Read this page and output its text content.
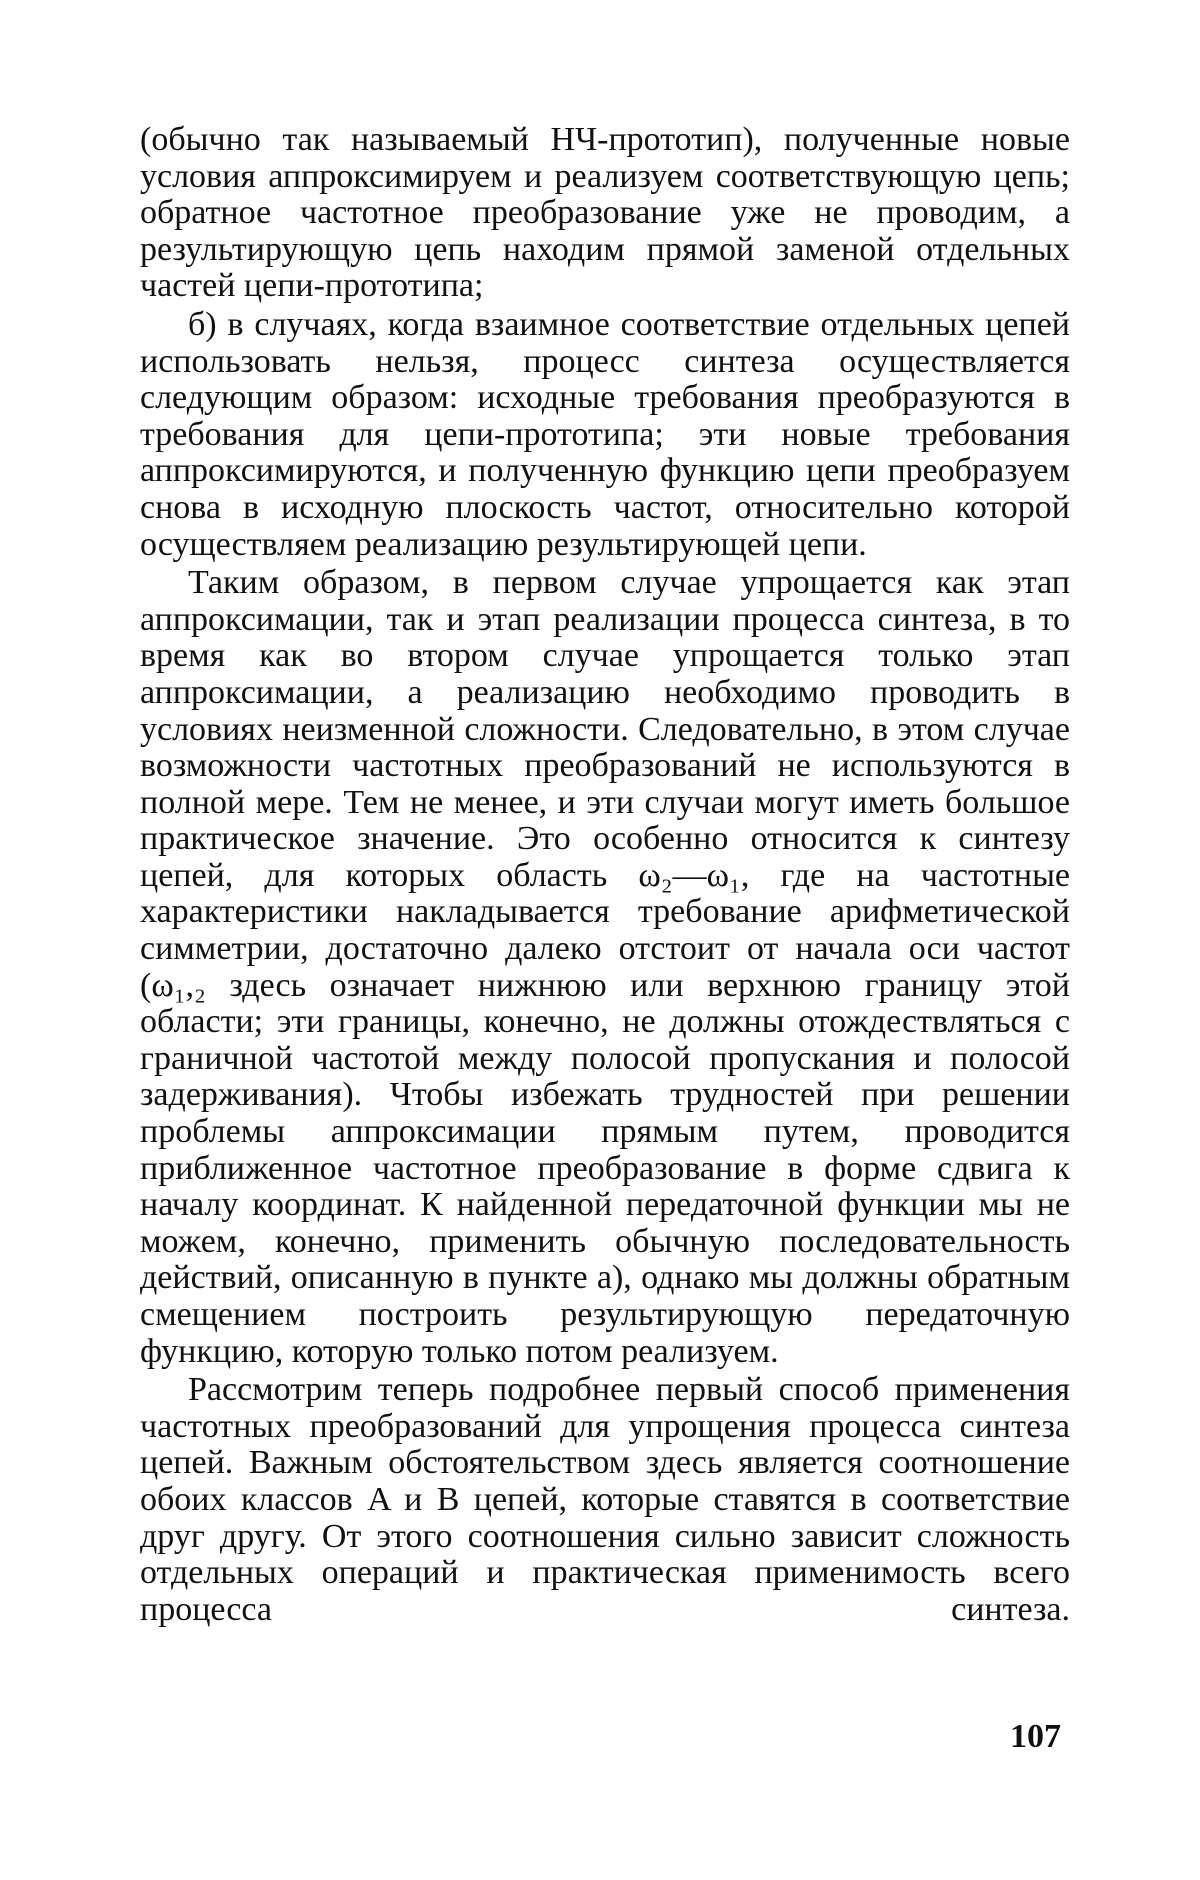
(обычно так называемый НЧ-прототип), полученные новые условия аппроксимируем и реализуем соответствующую цепь; обратное частотное преобразование уже не проводим, а результирующую цепь находим прямой заменой отдельных частей цепи-прототипа;

б) в случаях, когда взаимное соответствие отдельных цепей использовать нельзя, процесс синтеза осуществляется следующим образом: исходные требования преобразуются в требования для цепи-прототипа; эти новые требования аппроксимируются, и полученную функцию цепи преобразуем снова в исходную плоскость частот, относительно которой осуществляем реализацию результирующей цепи.

Таким образом, в первом случае упрощается как этап аппроксимации, так и этап реализации процесса синтеза, в то время как во втором случае упрощается только этап аппроксимации, а реализацию необходимо проводить в условиях неизменной сложности. Следовательно, в этом случае возможности частотных преобразований не используются в полной мере. Тем не менее, и эти случаи могут иметь большое практическое значение. Это особенно относится к синтезу цепей, для которых область ω₂—ω₁, где на частотные характеристики накладывается требование арифметической симметрии, достаточно далеко отстоит от начала оси частот (ω₁,₂ здесь означает нижнюю или верхнюю границу этой области; эти границы, конечно, не должны отождествляться с граничной частотой между полосой пропускания и полосой задерживания). Чтобы избежать трудностей при решении проблемы аппроксимации прямым путем, проводится приближенное частотное преобразование в форме сдвига к началу координат. К найденной передаточной функции мы не можем, конечно, применить обычную последовательность действий, описанную в пункте а), однако мы должны обратным смещением построить результирующую передаточную функцию, которую только потом реализуем.

Рассмотрим теперь подробнее первый способ применения частотных преобразований для упрощения процесса синтеза цепей. Важным обстоятельством здесь является соотношение обоих классов A и B цепей, которые ставятся в соответствие друг другу. От этого соотношения сильно зависит сложность отдельных операций и практическая применимость всего процесса синтеза.

107
